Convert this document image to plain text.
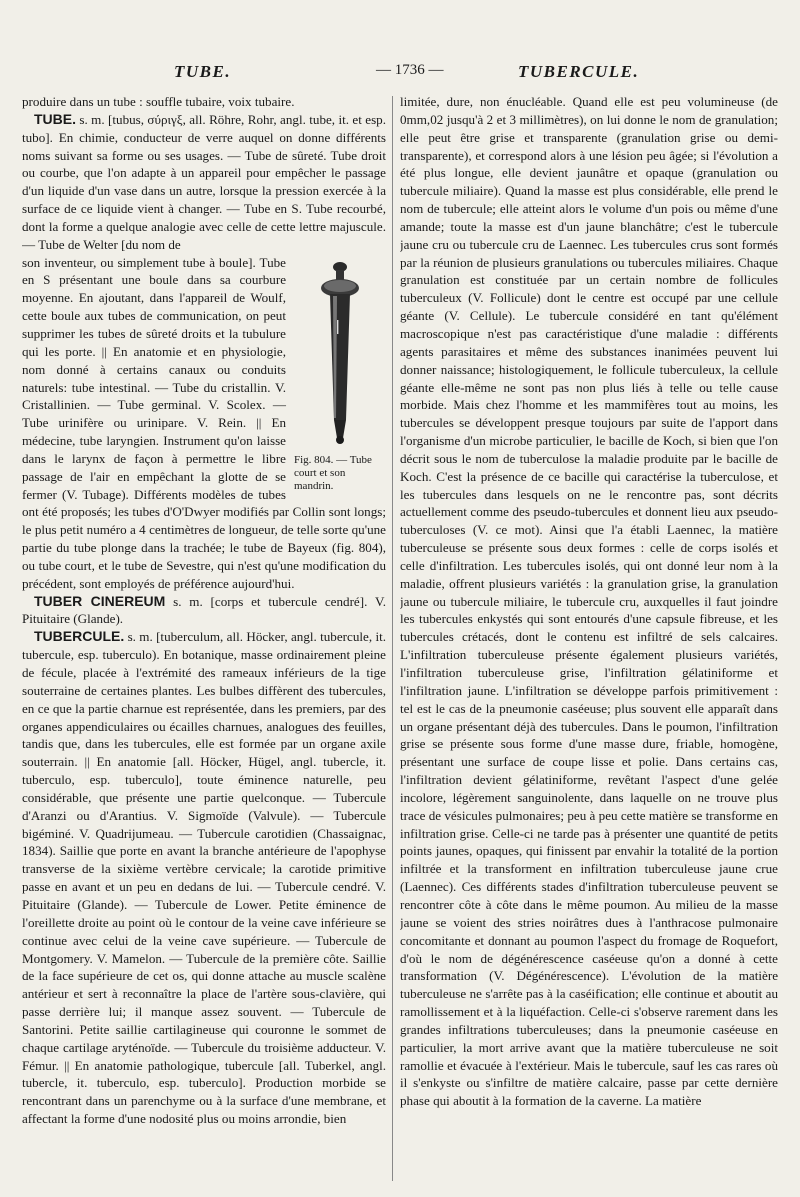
TUBE.	— 1736 —	TUBERCULE.

produire dans un tube : souffle tubaire, voix tubaire.

TUBE. s. m. [tubus, σύριγξ, all. Röhre, Rohr, angl. tube, it. et esp. tubo]. En chimie, conducteur de verre auquel on donne différents noms suivant sa forme ou ses usages. — Tube de sûreté. Tube droit ou courbe, que l'on adapte à un appareil pour empêcher le passage d'un liquide d'un vase dans un autre, lorsque la pression exercée à la surface de ce liquide vient à changer. — Tube en S. Tube recourbé, dont la forme a quelque analogie avec celle de cette lettre majuscule. — Tube de Welter [du nom de

Fig. 804. — Tube court et son mandrin.

son inventeur, ou simplement tube à boule]. Tube en S présentant une boule dans sa courbure moyenne. En ajoutant, dans l'appareil de Woulf, cette boule aux tubes de communication, on peut supprimer les tubes de sûreté droits et la tubulure qui les porte. || En anatomie et en physiologie, nom donné à certains canaux ou conduits naturels: tube intestinal. — Tube du cristallin. V. Cristallinien. — Tube germinal. V. Scolex. — Tube urinifère ou urinipare. V. Rein. || En médecine, tube laryngien. Instrument qu'on laisse dans le larynx de façon à permettre le libre passage de l'air en empêchant la glotte de se fermer (V. Tubage). Différents modèles de tubes ont été proposés; les tubes d'O'Dwyer modifiés par Collin sont longs; le plus petit numéro a 4 centimètres de longueur, de telle sorte qu'une partie du tube plonge dans la trachée; le tube de Bayeux (fig. 804), ou tube court, et le tube de Sevestre, qui n'est qu'une modification du précédent, sont employés de préférence aujourd'hui.

TUBER CINEREUM s. m. [corps et tubercule cendré]. V. Pituitaire (Glande).

TUBERCULE. s. m. [tuberculum, all. Höcker, angl. tubercule, it. tubercule, esp. tuberculo). En botanique, masse ordinairement pleine de fécule, placée à l'extrémité des rameaux inférieurs de la tige souterraine de certaines plantes. Les bulbes diffèrent des tubercules, en ce que la partie charnue est représentée, dans les premiers, par des organes appendiculaires ou écailles charnues, analogues des feuilles, tandis que, dans les tubercules, elle est formée par un organe axile souterrain. || En anatomie [all. Höcker, Hügel, angl. tubercle, it. tuberculo, esp. tuberculo], toute éminence naturelle, peu considérable, que présente une partie quelconque. — Tubercule d'Aranzi ou d'Arantius. V. Sigmoïde (Valvule). — Tubercule bigéminé. V. Quadrijumeau. — Tubercule carotidien (Chassaignac, 1834). Saillie que porte en avant la branche antérieure de l'apophyse transverse de la sixième vertèbre cervicale; la carotide primitive passe en avant et un peu en dedans de lui. — Tubercule cendré. V. Pituitaire (Glande). — Tubercule de Lower. Petite éminence de l'oreillette droite au point où le contour de la veine cave inférieure se continue avec celui de la veine cave supérieure. — Tubercule de Montgomery. V. Mamelon. — Tubercule de la première côte. Saillie de la face supérieure de cet os, qui donne attache au muscle scalène antérieur et sert à reconnaître la place de l'artère sous-clavière, qui passe derrière lui; il manque assez souvent. — Tubercule de Santorini. Petite saillie cartilagineuse qui couronne le sommet de chaque cartilage aryténoïde. — Tubercule du troisième adducteur. V. Fémur. || En anatomie pathologique, tubercule [all. Tuberkel, angl. tubercle, it. tuberculo, esp. tuberculo]. Production morbide se rencontrant dans un parenchyme ou à la surface d'une membrane, et affectant la forme d'une nodosité plus ou moins arrondie, bien

limitée, dure, non énucléable. Quand elle est peu volumineuse (de 0mm,02 jusqu'à 2 et 3 millimètres), on lui donne le nom de granulation; elle peut être grise et transparente (granulation grise ou demi-transparente), et correspond alors à une lésion peu âgée; si l'évolution a été plus longue, elle devient jaunâtre et opaque (granulation ou tubercule miliaire). Quand la masse est plus considérable, elle prend le nom de tubercule; elle atteint alors le volume d'un pois ou même d'une amande; toute la masse est d'un jaune blanchâtre; c'est le tubercule jaune cru ou tubercule cru de Laennec. Les tubercules crus sont formés par la réunion de plusieurs granulations ou tubercules miliaires. Chaque granulation est constituée par un certain nombre de follicules tuberculeux (V. Follicule) dont le centre est occupé par une cellule géante (V. Cellule). Le tubercule considéré en tant qu'élément macroscopique n'est pas caractéristique d'une maladie : différents agents parasitaires et même des substances inanimées peuvent lui donner naissance; histologiquement, le follicule tuberculeux, la cellule géante elle-même ne sont pas non plus liés à telle ou telle cause morbide. Mais chez l'homme et les mammifères tout au moins, les tubercules se développent presque toujours par suite de l'apport dans l'organisme d'un microbe particulier, le bacille de Koch, si bien que l'on décrit sous le nom de tuberculose la maladie produite par le bacille de Koch. C'est la présence de ce bacille qui caractérise la tuberculose, et les tubercules dans lesquels on ne le rencontre pas, sont décrits actuellement comme des pseudo-tubercules et donnent lieu aux pseudo-tuberculoses (V. ce mot). Ainsi que l'a établi Laennec, la matière tuberculeuse se présente sous deux formes : celle de corps isolés et celle d'infiltration. Les tubercules isolés, qui ont donné leur nom à la maladie, offrent plusieurs variétés : la granulation grise, la granulation jaune ou tubercule miliaire, le tubercule cru, auxquelles il faut joindre les tubercules enkystés qui sont entourés d'une capsule fibreuse, et les tubercules crétacés, dont le contenu est infiltré de sels calcaires. L'infiltration tuberculeuse présente également plusieurs variétés, l'infiltration tuberculeuse grise, l'infiltration gélatiniforme et l'infiltration jaune. L'infiltration se développe parfois primitivement : tel est le cas de la pneumonie caséeuse; plus souvent elle apparaît dans un organe présentant déjà des tubercules. Dans le poumon, l'infiltration grise se présente sous forme d'une masse dure, friable, homogène, présentant une surface de coupe lisse et polie. Dans certains cas, l'infiltration devient gélatiniforme, revêtant l'aspect d'une gelée incolore, légèrement sanguinolente, dans laquelle on ne trouve plus trace de vésicules pulmonaires; peu à peu cette matière se transforme en infiltration grise. Celle-ci ne tarde pas à présenter une quantité de petits points jaunes, opaques, qui finissent par envahir la totalité de la portion infiltrée et la transforment en infiltration tuberculeuse jaune crue (Laennec). Ces différents stades d'infiltration tuberculeuse peuvent se rencontrer côte à côte dans le même poumon. Au milieu de la masse jaune se voient des stries noirâtres dues à l'anthracose pulmonaire concomitante et donnant au poumon l'aspect du fromage de Roquefort, d'où le nom de dégénérescence caséeuse qu'on a donné à cette transformation (V. Dégénérescence). L'évolution de la matière tuberculeuse ne s'arrête pas à la caséification; elle continue et aboutit au ramollissement et à la liquéfaction. Celle-ci s'observe rarement dans les grandes infiltrations tuberculeuses; dans la pneumonie caséeuse en particulier, la mort arrive avant que la matière tuberculeuse ne soit ramollie et évacuée à l'extérieur. Mais le tubercule, sauf les cas rares où il s'enkyste ou s'infiltre de matière calcaire, passe par cette dernière phase qui aboutit à la formation de la caverne. La matière
